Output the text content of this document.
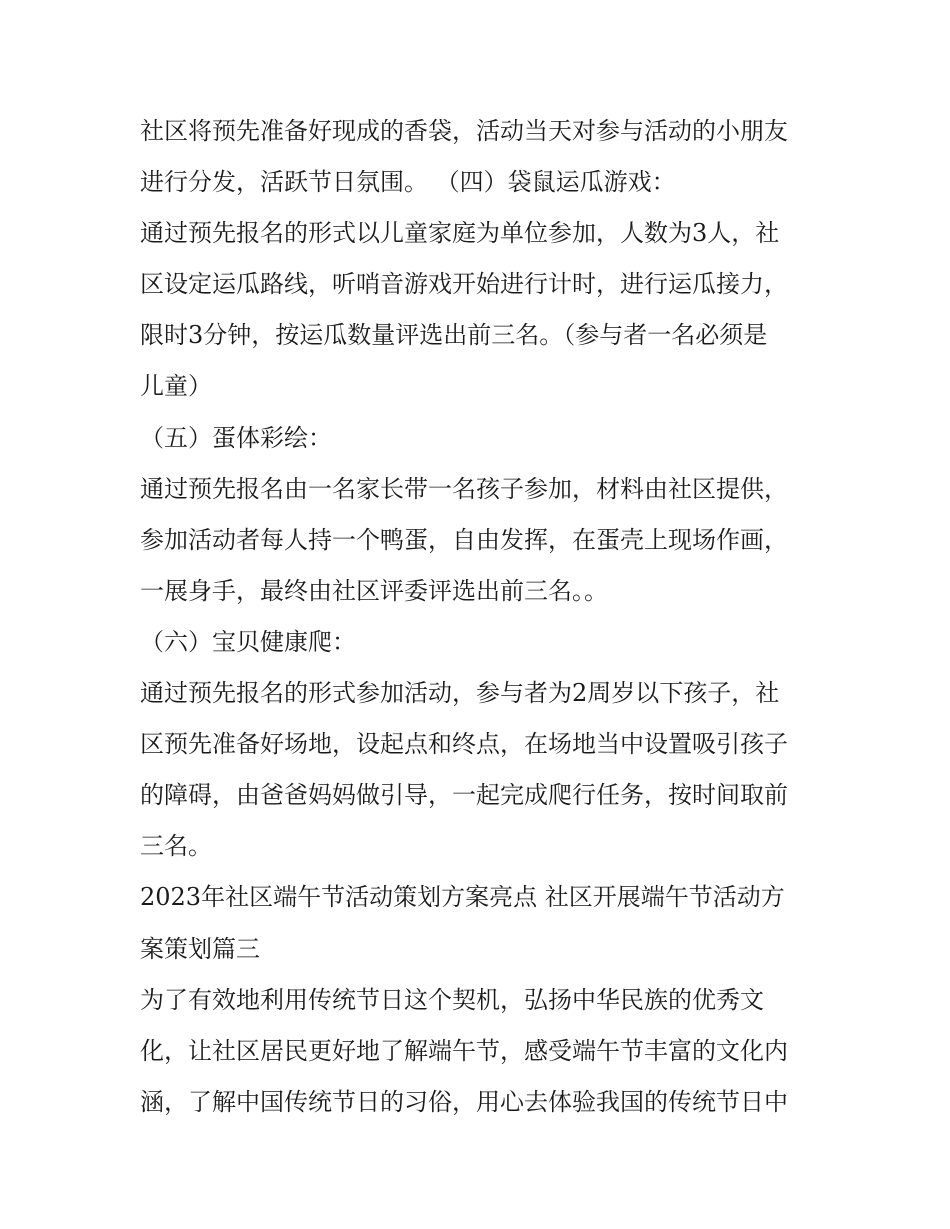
社区将预先准备好现成的香袋，活动当天对参与活动的小朋友
进行分发，活跃节日氛围。 （四）袋鼠运瓜游戏：
通过预先报名的形式以儿童家庭为单位参加，人数为3人，社
区设定运瓜路线，听哨音游戏开始进行计时，进行运瓜接力，
限时3分钟，按运瓜数量评选出前三名。（参与者一名必须是
儿童）
（五）蛋体彩绘：
通过预先报名由一名家长带一名孩子参加，材料由社区提供，
参加活动者每人持一个鸭蛋，自由发挥，在蛋壳上现场作画，
一展身手，最终由社区评委评选出前三名。。
（六）宝贝健康爬：
通过预先报名的形式参加活动，参与者为2周岁以下孩子，社
区预先准备好场地，设起点和终点，在场地当中设置吸引孩子
的障碍，由爸爸妈妈做引导，一起完成爬行任务，按时间取前
三名。
2023年社区端午节活动策划方案亮点 社区开展端午节活动方
案策划篇三
为了有效地利用传统节日这个契机，弘扬中华民族的优秀文
化，让社区居民更好地了解端午节，感受端午节丰富的文化内
涵，了解中国传统节日的习俗，用心去体验我国的传统节日中
